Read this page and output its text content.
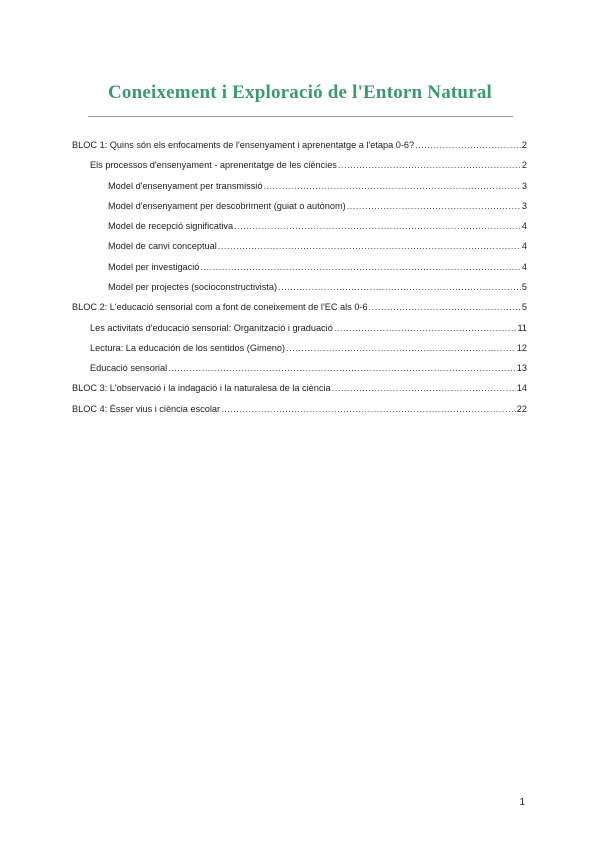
Coneixement i Exploració de l'Entorn Natural
BLOC 1: Quins són els enfocaments de l'ensenyament i aprenentatge a l'etapa 0-6? .....	2
Els processos d'ensenyament - aprenentatge de les ciències .....	2
Model d'ensenyament per transmissió .....	3
Model d'ensenyament per descobriment (guiat o autònom) .....	3
Model de recepció significativa .....	4
Model de canvi conceptual .....	4
Model per investigació .....	4
Model per projectes (socioconstructivista) .....	5
BLOC 2: L'educació sensorial com a font de coneixement de l'EC als 0-6 .....	5
Les activitats d'educació sensorial: Organització i graduació .....	11
Lectura: La educación de los sentidos (Gimeno) .....	12
Educació sensorial .....	13
BLOC 3: L'observació i la indagació i la naturalesa de la ciència .....	14
BLOC 4: Ésser vius i ciència escolar .....	22
1
